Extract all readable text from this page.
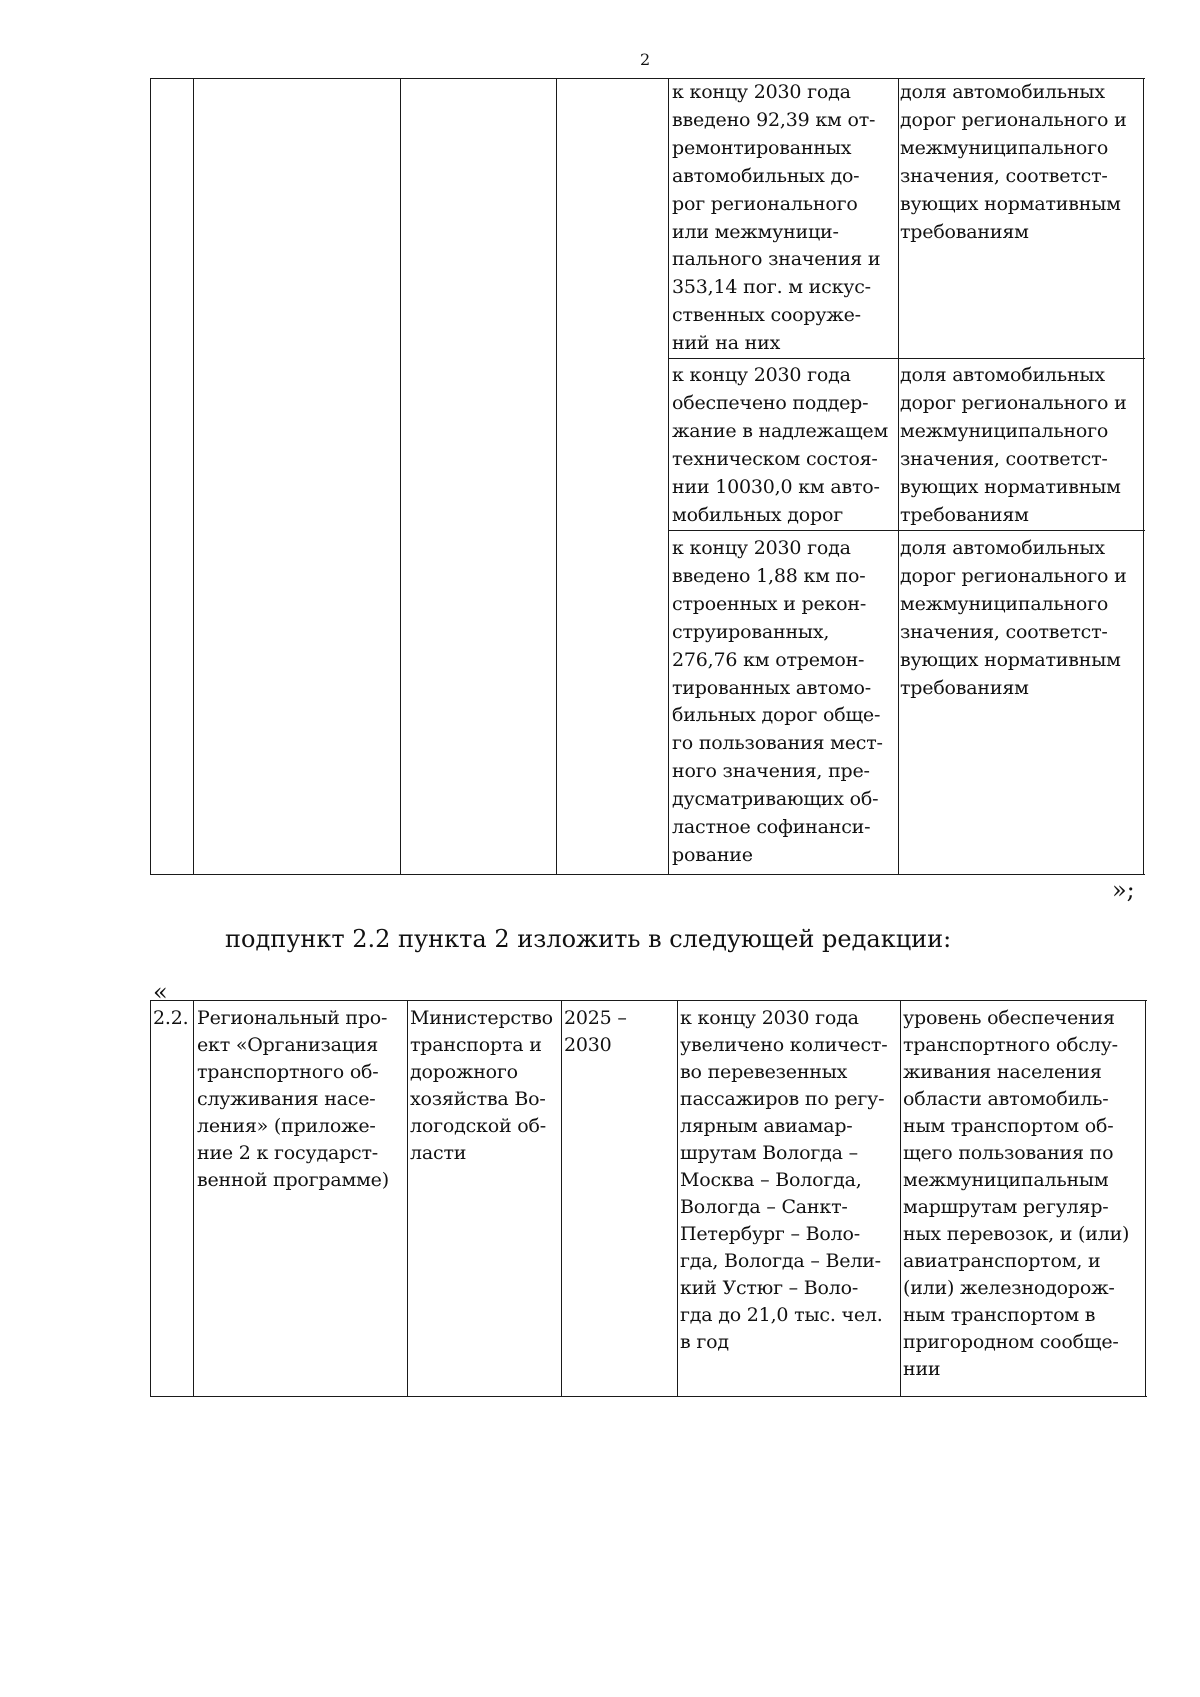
2
к концу 2030 года
введено 92,39 км от-
ремонтированных
автомобильных до-
рог регионального
или межмуници-
пального значения и
353,14 пог. м искус-
ственных сооруже-
ний на них
доля автомобильных
дорог регионального и
межмуниципального
значения, соответст-
вующих нормативным
требованиям
к концу 2030 года
обеспечено поддер-
жание в надлежащем
техническом состоя-
нии 10030,0 км авто-
мобильных дорог
доля автомобильных
дорог регионального и
межмуниципального
значения, соответст-
вующих нормативным
требованиям
к концу 2030 года
введено 1,88 км по-
строенных и рекон-
струированных,
276,76 км отремон-
тированных автомо-
бильных дорог обще-
го пользования мест-
ного значения, пре-
дусматривающих об-
ластное софинанси-
рование
доля автомобильных
дорог регионального и
межмуниципального
значения, соответст-
вующих нормативным
требованиям
»;
подпункт 2.2 пункта 2 изложить в следующей редакции:
«
2.2. Региональный про-
ект «Организация
транспортного об-
служивания насе-
ления» (приложе-
ние 2 к государст-
венной программе)
Министерство
транспорта и
дорожного
хозяйства Во-
логодской об-
ласти
2025 –
2030
к концу 2030 года
увеличено количест-
во перевезенных
пассажиров по регу-
лярным авиамар-
шрутам Вологда –
Москва – Вологда,
Вологда – Санкт-
Петербург – Воло-
гда, Вологда – Вели-
кий Устюг – Воло-
гда до 21,0 тыс. чел.
в год
уровень обеспечения
транспортного обслу-
живания населения
области автомобиль-
ным транспортом об-
щего пользования по
межмуниципальным
маршрутам регуляр-
ных перевозок, и (или)
авиатранспортом, и
(или) железнодорож-
ным транспортом в
пригородном сообще-
нии
